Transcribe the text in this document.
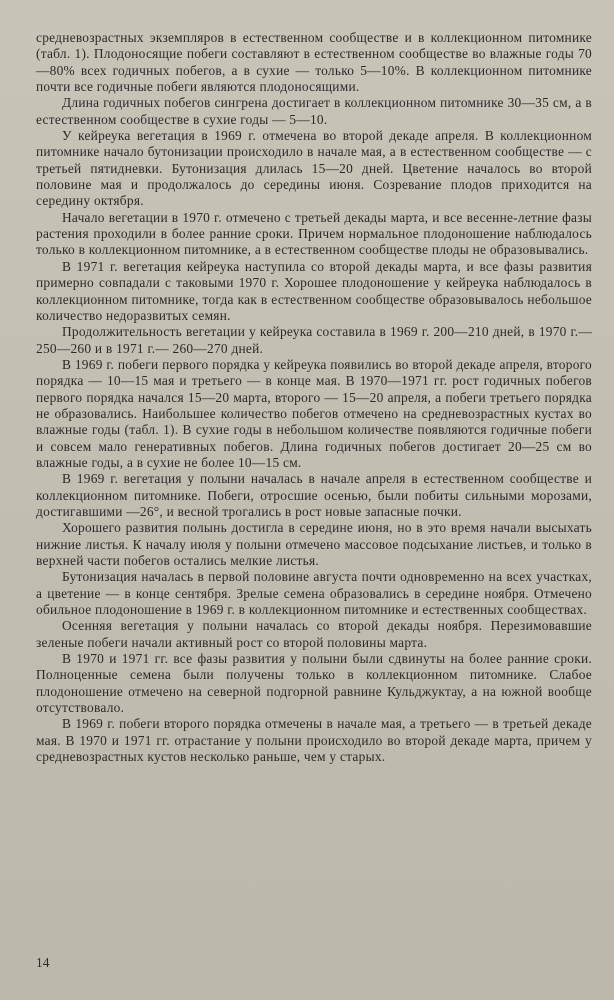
средневозрастных экземпляров в естественном сообществе и в коллекционном питомнике (табл. 1). Плодоносящие побеги составляют в естественном сообществе во влажные годы 70—80% всех годичных побегов, а в сухие — только 5—10%. В коллекционном питомнике почти все годичные побеги являются плодоносящими.

Длина годичных побегов сингрена достигает в коллекционном питомнике 30—35 см, а в естественном сообществе в сухие годы — 5—10.

У кейреука вегетация в 1969 г. отмечена во второй декаде апреля. В коллекционном питомнике начало бутонизации происходило в начале мая, а в естественном сообществе — с третьей пятидневки. Бутонизация длилась 15—20 дней. Цветение началось во второй половине мая и продолжалось до середины июня. Созревание плодов приходится на середину октября.

Начало вегетации в 1970 г. отмечено с третьей декады марта, и все весенне-летние фазы растения проходили в более ранние сроки. Причем нормальное плодоношение наблюдалось только в коллекционном питомнике, а в естественном сообществе плоды не образовывались.

В 1971 г. вегетация кейреука наступила со второй декады марта, и все фазы развития примерно совпадали с таковыми 1970 г. Хорошее плодоношение у кейреука наблюдалось в коллекционном питомнике, тогда как в естественном сообществе образовывалось небольшое количество недоразвитых семян.

Продолжительность вегетации у кейреука составила в 1969 г. 200—210 дней, в 1970 г.— 250—260 и в 1971 г.— 260—270 дней.

В 1969 г. побеги первого порядка у кейреука появились во второй декаде апреля, второго порядка — 10—15 мая и третьего — в конце мая. В 1970—1971 гг. рост годичных побегов первого порядка начался 15—20 марта, второго — 15—20 апреля, а побеги третьего порядка не образовались. Наибольшее количество побегов отмечено на средневозрастных кустах во влажные годы (табл. 1). В сухие годы в небольшом количестве появляются годичные побеги и совсем мало генеративных побегов. Длина годичных побегов достигает 20—25 см во влажные годы, а в сухие не более 10—15 см.

В 1969 г. вегетация у полыни началась в начале апреля в естественном сообществе и коллекционном питомнике. Побеги, отросшие осенью, были побиты сильными морозами, достигавшими —26°, и весной трогались в рост новые запасные почки.

Хорошего развития полынь достигла в середине июня, но в это время начали высыхать нижние листья. К началу июля у полыни отмечено массовое подсыхание листьев, и только в верхней части побегов остались мелкие листья.

Бутонизация началась в первой половине августа почти одновременно на всех участках, а цветение — в конце сентября. Зрелые семена образовались в середине ноября. Отмечено обильное плодоношение в 1969 г. в коллекционном питомнике и естественных сообществах.

Осенняя вегетация у полыни началась со второй декады ноября. Перезимовавшие зеленые побеги начали активный рост со второй половины марта.

В 1970 и 1971 гг. все фазы развития у полыни были сдвинуты на более ранние сроки. Полноценные семена были получены только в коллекционном питомнике. Слабое плодоношение отмечено на северной подгорной равнине Кульджуктау, а на южной вообще отсутствовало.

В 1969 г. побеги второго порядка отмечены в начале мая, а третьего — в третьей декаде мая. В 1970 и 1971 гг. отрастание у полыни происходило во второй декаде марта, причем у средневозрастных кустов несколько раньше, чем у старых.

14
